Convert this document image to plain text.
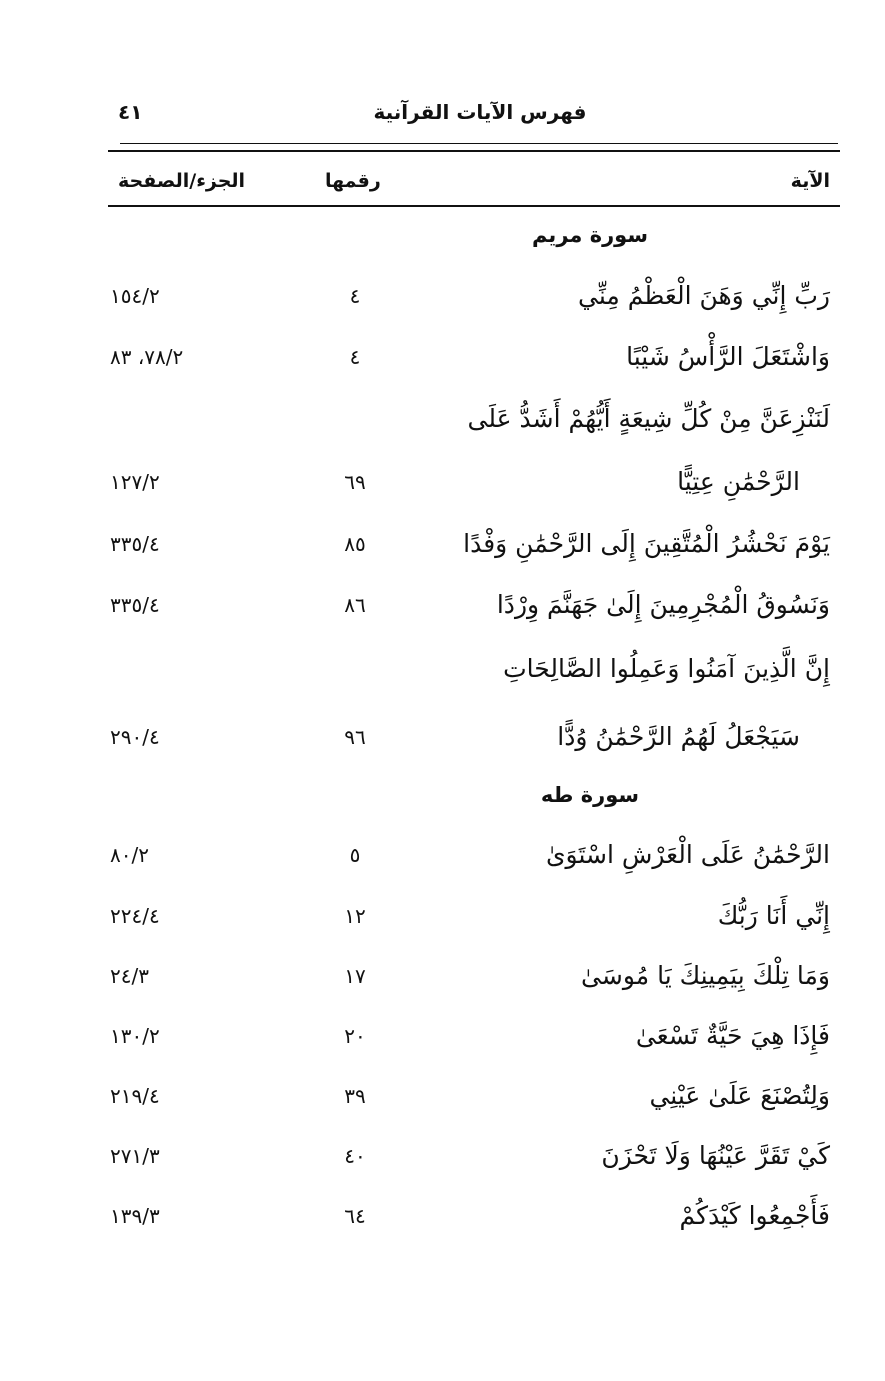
فهرس الآيات القرآنية
٤١
الآية
رقمها
الجزء/الصفحة
سورة مريم
رَبِّ إِنِّي وَهَنَ الْعَظْمُ مِنِّي
٤
١٥٤/٢
وَاشْتَعَلَ الرَّأْسُ شَيْبًا
٤
٧٨/٢، ٨٣
لَنَنْزِعَنَّ مِنْ كُلِّ شِيعَةٍ أَيُّهُمْ أَشَدُّ عَلَى
الرَّحْمَٰنِ عِتِيًّا
٦٩
١٢٧/٢
يَوْمَ نَحْشُرُ الْمُتَّقِينَ إِلَى الرَّحْمَٰنِ وَفْدًا
٨٥
٣٣٥/٤
وَنَسُوقُ الْمُجْرِمِينَ إِلَىٰ جَهَنَّمَ وِرْدًا
٨٦
٣٣٥/٤
إِنَّ الَّذِينَ آمَنُوا وَعَمِلُوا الصَّالِحَاتِ
سَيَجْعَلُ لَهُمُ الرَّحْمَٰنُ وُدًّا
٩٦
٢٩٠/٤
سورة طه
الرَّحْمَٰنُ عَلَى الْعَرْشِ اسْتَوَىٰ
٥
٨٠/٢
إِنِّي أَنَا رَبُّكَ
١٢
٢٢٤/٤
وَمَا تِلْكَ بِيَمِينِكَ يَا مُوسَىٰ
١٧
٢٤/٣
فَإِذَا هِيَ حَيَّةٌ تَسْعَىٰ
٢٠
١٣٠/٢
وَلِتُصْنَعَ عَلَىٰ عَيْنِي
٣٩
٢١٩/٤
كَيْ تَقَرَّ عَيْنُهَا وَلَا تَحْزَنَ
٤٠
٢٧١/٣
فَأَجْمِعُوا كَيْدَكُمْ
٦٤
١٣٩/٣
